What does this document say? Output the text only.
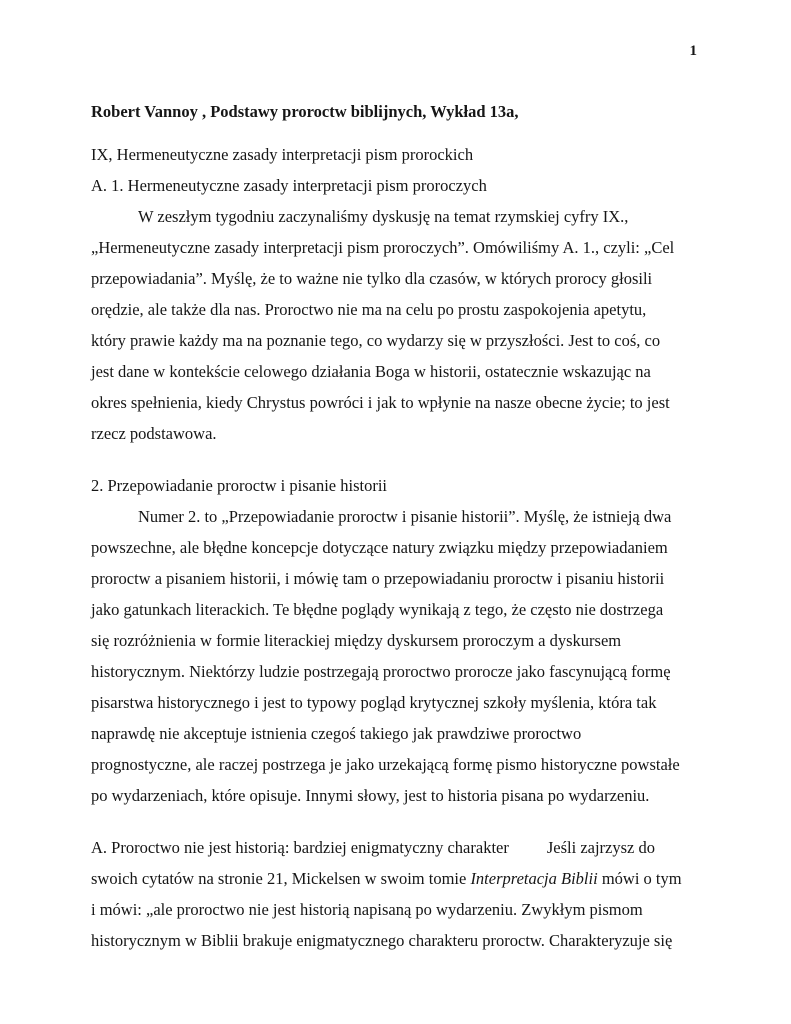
1
Robert Vannoy , Podstawy proroctw biblijnych, Wykład 13a,
IX, Hermeneutyczne zasady interpretacji pism prorockich
A. 1. Hermeneutyczne zasady interpretacji pism proroczych
W zeszłym tygodniu zaczynaliśmy dyskusję na temat rzymskiej cyfry IX.,
„Hermeneutyczne zasady interpretacji pism proroczych”. Omówiliśmy A. 1., czyli: „Cel
przepowiadania”. Myślę, że to ważne nie tylko dla czasów, w których prorocy głosili
orędzie, ale także dla nas. Proroctwo nie ma na celu po prostu zaspokojenia apetytu,
który prawie każdy ma na poznanie tego, co wydarzy się w przyszłości. Jest to coś, co
jest dane w kontekście celowego działania Boga w historii, ostatecznie wskazując na
okres spełnienia, kiedy Chrystus powróci i jak to wpłynie na nasze obecne życie; to jest
rzecz podstawowa.
2. Przepowiadanie proroctw i pisanie historii
Numer 2. to „Przepowiadanie proroctw i pisanie historii”. Myślę, że istnieją dwa
powszechne, ale błędne koncepcje dotyczące natury związku między przepowiadaniem
proroctw a pisaniem historii, i mówię tam o przepowiadaniu proroctw i pisaniu historii
jako gatunkach literackich. Te błędne poglądy wynikają z tego, że często nie dostrzega
się rozróżnienia w formie literackiej między dyskursem proroczym a dyskursem
historycznym. Niektórzy ludzie postrzegają proroctwo prorocze jako fascynującą formę
pisarstwa historycznego i jest to typowy pogląd krytycznej szkoły myślenia, która tak
naprawdę nie akceptuje istnienia czegoś takiego jak prawdziwe proroctwo
prognostyczne, ale raczej postrzega je jako urzekającą formę pismo historyczne powstałe
po wydarzeniach, które opisuje. Innymi słowy, jest to historia pisana po wydarzeniu.
A. Proroctwo nie jest historią: bardziej enigmatyczny charakter Jeśli zajrzysz do
swoich cytatów na stronie 21, Mickelsen w swoim tomie Interpretacja Biblii mówi o tym
i mówi: „ale proroctwo nie jest historią napisaną po wydarzeniu. Zwykłym pismom
historycznym w Biblii brakuje enigmatycznego charakteru proroctw. Charakteryzuje się
